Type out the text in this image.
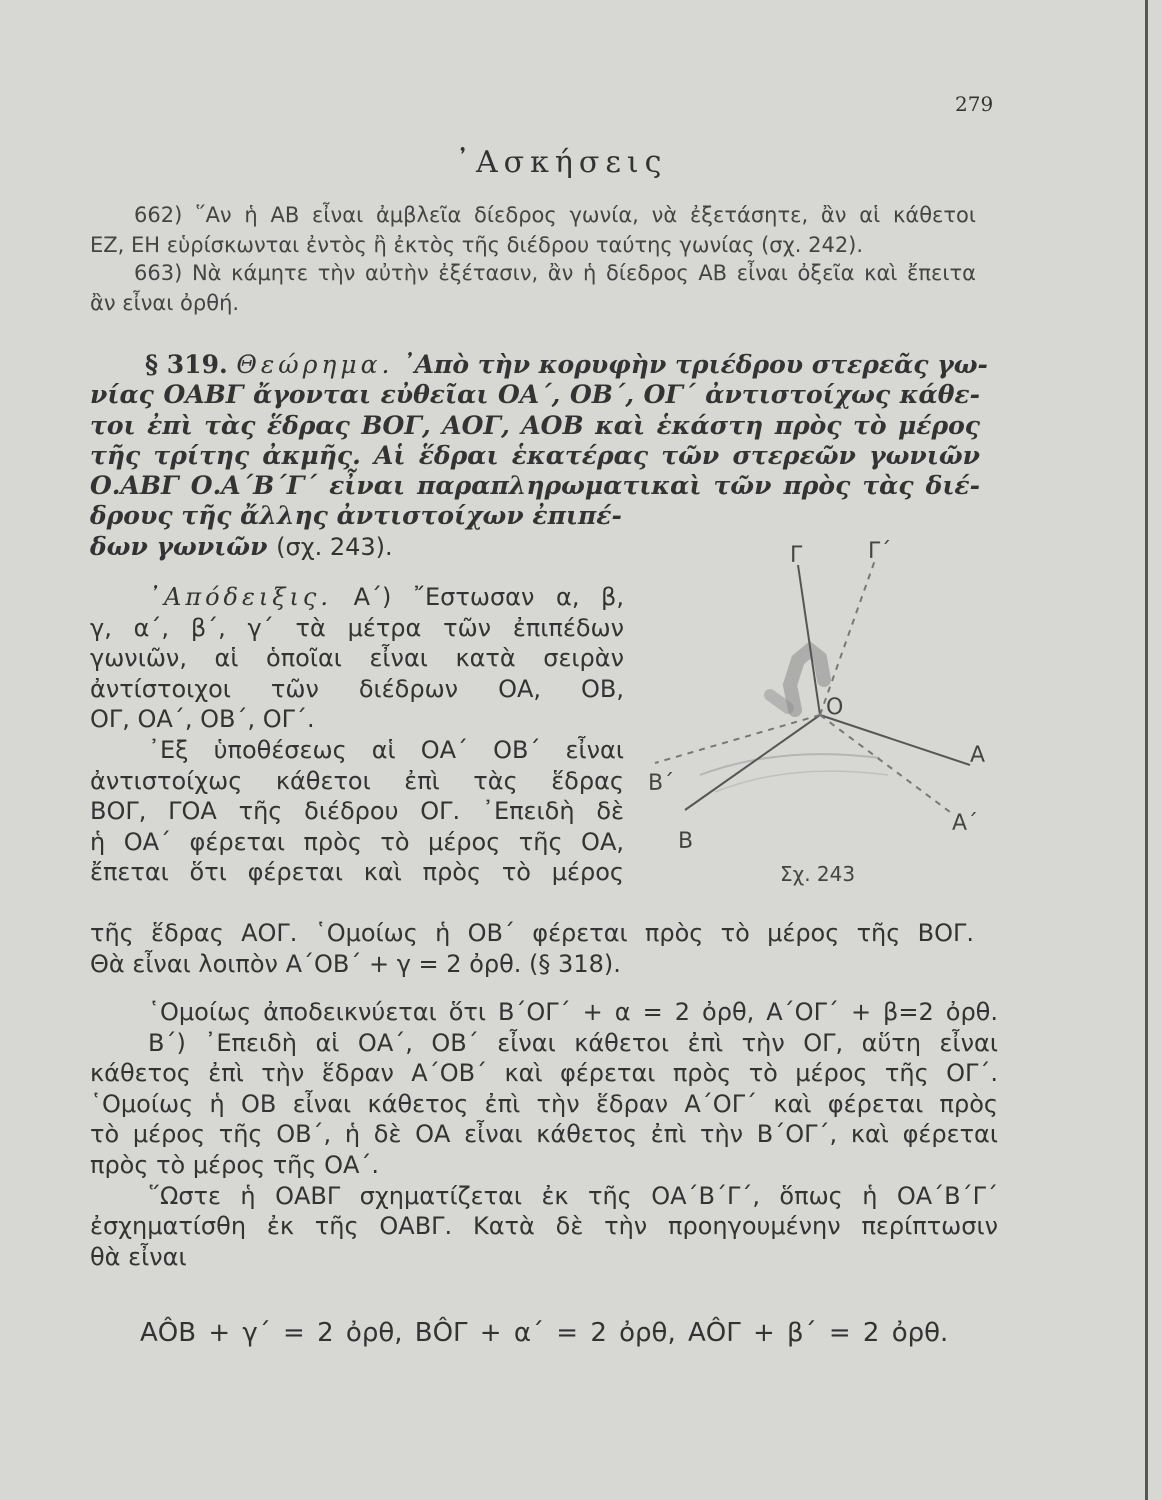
279
᾿Ασκήσεις
662) ῞Αν ἡ ΑΒ εἶναι ἀμβλεῖα δίεδρος γωνία, νὰ ἐξετάσητε, ἂν αἱ κάθετοι
ΕΖ, ΕΗ εὑρίσκωνται ἐντὸς ἢ ἐκτὸς τῆς διέδρου ταύτης γωνίας (σχ. 242).
663) Νὰ κάμητε τὴν αὐτὴν ἐξέτασιν, ἂν ἡ δίεδρος ΑΒ εἶναι ὀξεῖα καὶ ἔπειτα
ἂν εἶναι ὀρθή.
§ 319. Θεώρημα. ᾿Απὸ τὴν κορυφὴν τριέδρου στερεᾶς γω-
νίας ΟΑΒΓ ἄγονται εὐθεῖαι ΟΑ΄, ΟΒ΄, ΟΓ΄ ἀντιστοίχως κάθε-
τοι ἐπὶ τὰς ἕδρας ΒΟΓ, ΑΟΓ, ΑΟΒ καὶ ἑκάστη πρὸς τὸ μέρος
τῆς τρίτης ἀκμῆς. Αἱ ἕδραι ἑκατέρας τῶν στερεῶν γωνιῶν
Ο.ΑΒΓ Ο.Α΄Β΄Γ΄ εἶναι παραπληρωματικαὶ τῶν πρὸς τὰς διέ-
δρους τῆς ἄλλης ἀντιστοίχων ἐπιπέ-
δων γωνιῶν (σχ. 243).
᾿Απόδειξις. Α΄) ῎Εστωσαν α, β,
γ, α΄, β΄, γ΄ τὰ μέτρα τῶν ἐπιπέδων
γωνιῶν, αἱ ὁποῖαι εἶναι κατὰ σειρὰν
ἀντίστοιχοι τῶν διέδρων ΟΑ, ΟΒ,
ΟΓ, ΟΑ΄, ΟΒ΄, ΟΓ΄.
᾿Εξ ὑποθέσεως αἱ ΟΑ΄ ΟΒ΄ εἶναι
ἀντιστοίχως κάθετοι ἐπὶ τὰς ἕδρας
ΒΟΓ, ΓΟΑ τῆς διέδρου ΟΓ. ᾿Επειδὴ δὲ
ἡ ΟΑ΄ φέρεται πρὸς τὸ μέρος τῆς ΟΑ,
ἔπεται ὅτι φέρεται καὶ πρὸς τὸ μέρος
τῆς ἕδρας ΑΟΓ. ῾Ομοίως ἡ ΟΒ΄ φέρεται πρὸς τὸ μέρος τῆς ΒΟΓ.
Θὰ εἶναι λοιπὸν Α΄ΟΒ΄ + γ = 2 ὀρθ. (§ 318).
῾Ομοίως ἀποδεικνύεται ὅτι Β΄ΟΓ΄ + α = 2 ὀρθ, Α΄ΟΓ΄ + β=2 ὀρθ.
Β΄) ᾿Επειδὴ αἱ ΟΑ΄, ΟΒ΄ εἶναι κάθετοι ἐπὶ τὴν ΟΓ, αὕτη εἶναι
κάθετος ἐπὶ τὴν ἕδραν Α΄ΟΒ΄ καὶ φέρεται πρὸς τὸ μέρος τῆς ΟΓ΄.
῾Ομοίως ἡ ΟΒ εἶναι κάθετος ἐπὶ τὴν ἕδραν Α΄ΟΓ΄ καὶ φέρεται πρὸς
τὸ μέρος τῆς ΟΒ΄, ἡ δὲ ΟΑ εἶναι κάθετος ἐπὶ τὴν Β΄ΟΓ΄, καὶ φέρεται
πρὸς τὸ μέρος τῆς ΟΑ΄.
῞Ωστε ἡ ΟΑΒΓ σχηματίζεται ἐκ τῆς ΟΑ΄Β΄Γ΄, ὅπως ἡ ΟΑ΄Β΄Γ΄
ἐσχηματίσθη ἐκ τῆς ΟΑΒΓ. Κατὰ δὲ τὴν προηγουμένην περίπτωσιν
θὰ εἶναι
ΑÔΒ + γ΄ = 2 ὀρθ, ΒÔΓ + α΄ = 2 ὀρθ, ΑÔΓ + β΄ = 2 ὀρθ.
Γ	Γ΄
Ο
Α
Α΄
Β΄
Β
Σχ. 243
